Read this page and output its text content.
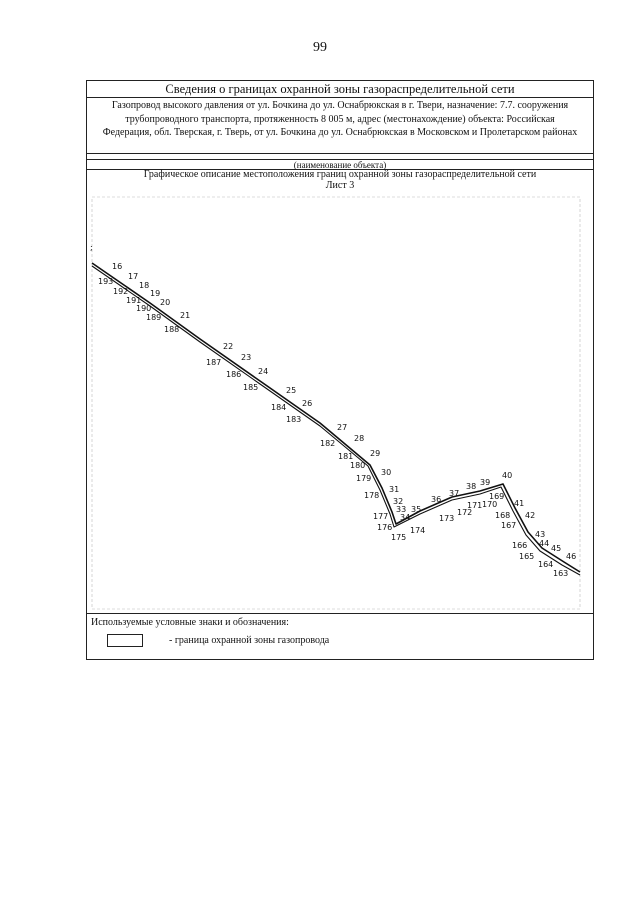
99
Сведения о границах охранной зоны газораспределительной сети
Газопровод высокого давления от ул. Бочкина до ул. Оснабрюкская в г. Твери, назначение: 7.7. сооружения трубопроводного транспорта, протяженность 8 005 м, адрес (местонахождение) объекта: Российская Федерация, обл. Тверская, г. Тверь, от ул. Бочкина до ул. Оснабрюкская в Московском и Пролетарском районах
(наименование объекта)
Графическое описание местоположения границ охранной зоны газораспределительной сети
Лист 3
Используемые условные знаки и обозначения:
- граница охранной зоны газопровода
;
16
17
18
19
20
21
22
23
24
25
26
27
28
29
30
31
32
33
34
35
36
37
38 39
40
41
42
43
44
45
46
193
192
191
190
189
188
187
186
185
184
183
182
181
180
179
178
177
176
175
174
173
172
171 170
169
168
167
166
165
164
163
